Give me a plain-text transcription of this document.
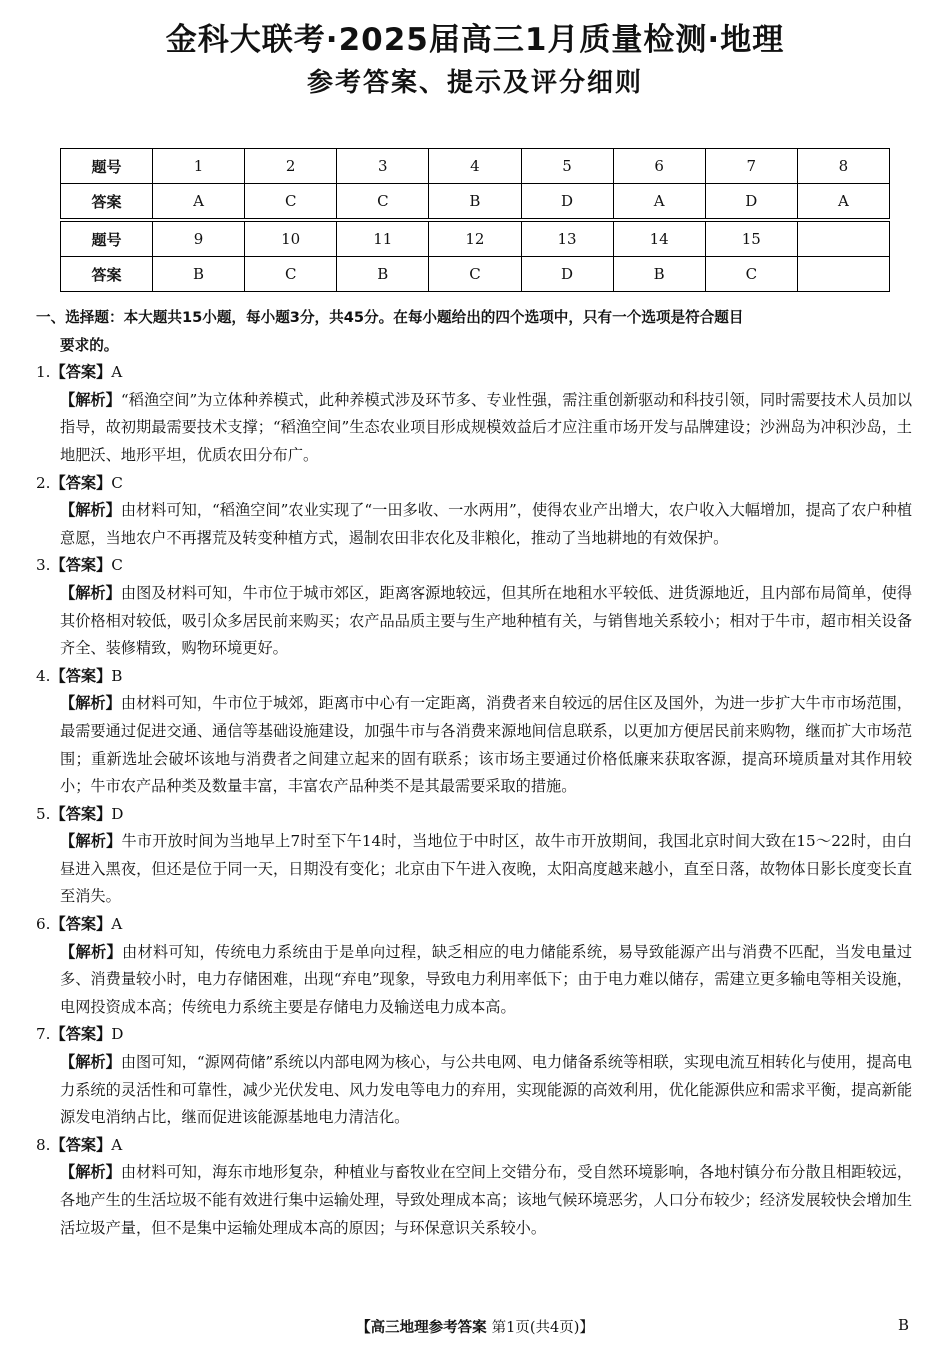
金科大联考·2025届高三1月质量检测·地理
参考答案、提示及评分细则
题号	1	2	3	4	5	6	7	8
答案	A	C	C	B	D	A	D	A
题号	9	10	11	12	13	14	15	
答案	B	C	B	C	D	B	C	
一、选择题：本大题共15小题，每小题3分，共45分。在每小题给出的四个选项中，只有一个选项是符合题目
要求的。
1.【答案】A
【解析】“稻渔空间”为立体种养模式，此种养模式涉及环节多、专业性强，需注重创新驱动和科技引领，同时需要技术人员加以指导，故初期最需要技术支撑；“稻渔空间”生态农业项目形成规模效益后才应注重市场开发与品牌建设；沙洲岛为冲积沙岛，土地肥沃、地形平坦，优质农田分布广。
2.【答案】C
【解析】由材料可知，“稻渔空间”农业实现了“一田多收、一水两用”，使得农业产出增大，农户收入大幅增加，提高了农户种植意愿，当地农户不再撂荒及转变种植方式，遏制农田非农化及非粮化，推动了当地耕地的有效保护。
3.【答案】C
【解析】由图及材料可知，牛市位于城市郊区，距离客源地较远，但其所在地租水平较低、进货源地近，且内部布局简单，使得其价格相对较低，吸引众多居民前来购买；农产品品质主要与生产地种植有关，与销售地关系较小；相对于牛市，超市相关设备齐全、装修精致，购物环境更好。
4.【答案】B
【解析】由材料可知，牛市位于城郊，距离市中心有一定距离，消费者来自较远的居住区及国外，为进一步扩大牛市市场范围，最需要通过促进交通、通信等基础设施建设，加强牛市与各消费来源地间信息联系，以更加方便居民前来购物，继而扩大市场范围；重新选址会破坏该地与消费者之间建立起来的固有联系；该市场主要通过价格低廉来获取客源，提高环境质量对其作用较小；牛市农产品种类及数量丰富，丰富农产品种类不是其最需要采取的措施。
5.【答案】D
【解析】牛市开放时间为当地早上7时至下午14时，当地位于中时区，故牛市开放期间，我国北京时间大致在15～22时，由白昼进入黑夜，但还是位于同一天，日期没有变化；北京由下午进入夜晚，太阳高度越来越小，直至日落，故物体日影长度变长直至消失。
6.【答案】A
【解析】由材料可知，传统电力系统由于是单向过程，缺乏相应的电力储能系统，易导致能源产出与消费不匹配，当发电量过多、消费量较小时，电力存储困难，出现“弃电”现象，导致电力利用率低下；由于电力难以储存，需建立更多输电等相关设施，电网投资成本高；传统电力系统主要是存储电力及输送电力成本高。
7.【答案】D
【解析】由图可知，“源网荷储”系统以内部电网为核心，与公共电网、电力储备系统等相联，实现电流互相转化与使用，提高电力系统的灵活性和可靠性，减少光伏发电、风力发电等电力的弃用，实现能源的高效利用，优化能源供应和需求平衡，提高新能源发电消纳占比，继而促进该能源基地电力清洁化。
8.【答案】A
【解析】由材料可知，海东市地形复杂，种植业与畜牧业在空间上交错分布，受自然环境影响，各地村镇分布分散且相距较远，各地产生的生活垃圾不能有效进行集中运输处理，导致处理成本高；该地气候环境恶劣，人口分布较少；经济发展较快会增加生活垃圾产量，但不是集中运输处理成本高的原因；与环保意识关系较小。
【高三地理参考答案 第1页(共4页)】	B
